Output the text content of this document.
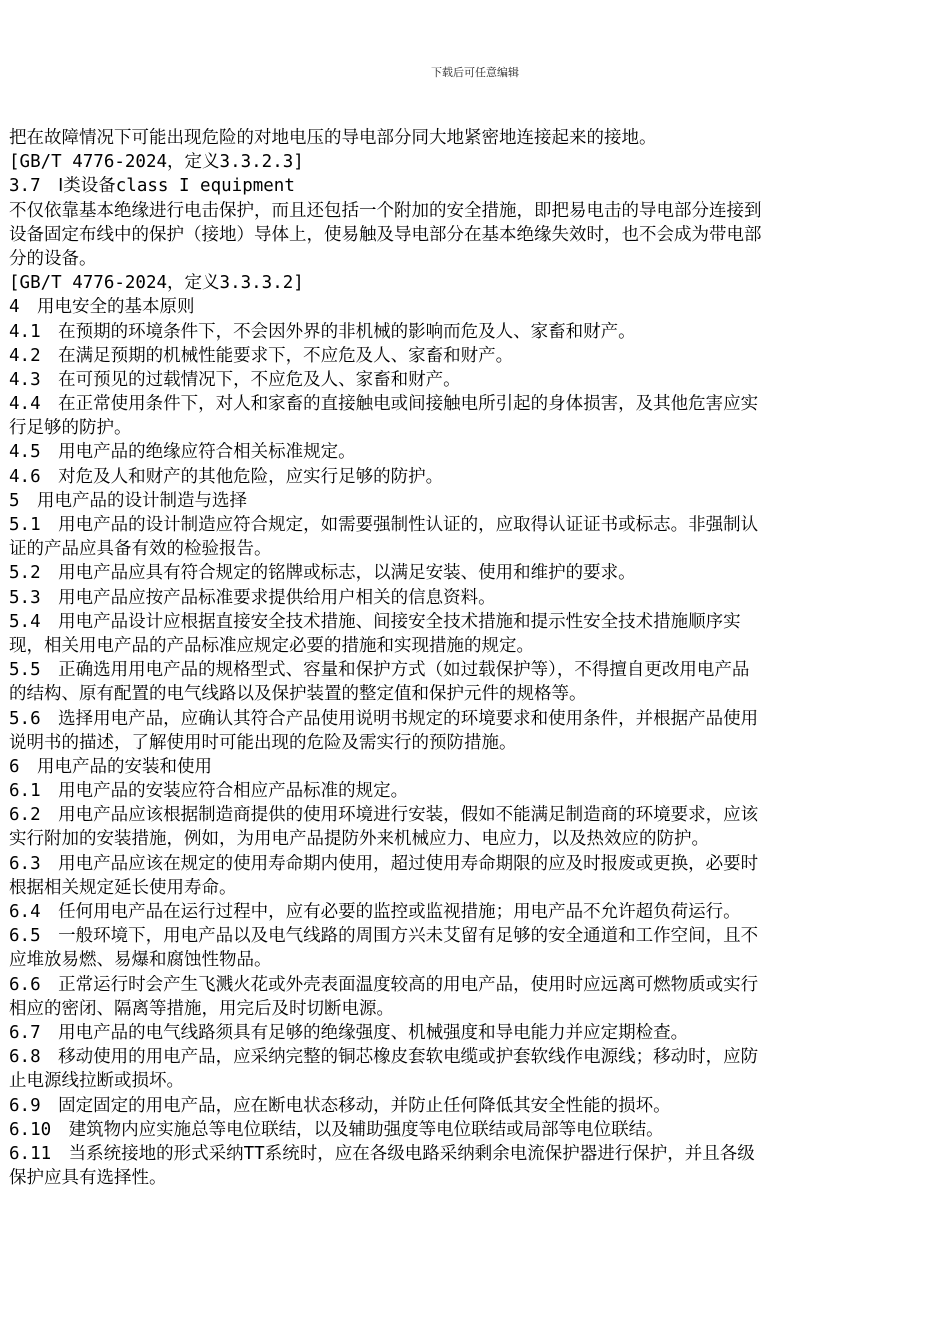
下载后可任意编辑
把在故障情况下可能出现危险的对地电压的导电部分同大地紧密地连接起来的接地。
[GB/T 4776-2024，定义3.3.2.3]
3.7　Ⅰ类设备class I equipment
不仅依靠基本绝缘进行电击保护，而且还包括一个附加的安全措施，即把易电击的导电部分连接到
设备固定布线中的保护（接地）导体上，使易触及导电部分在基本绝缘失效时，也不会成为带电部
分的设备。
[GB/T 4776-2024，定义3.3.3.2]
4　用电安全的基本原则
4.1　在预期的环境条件下，不会因外界的非机械的影响而危及人、家畜和财产。
4.2　在满足预期的机械性能要求下，不应危及人、家畜和财产。
4.3　在可预见的过载情况下，不应危及人、家畜和财产。
4.4　在正常使用条件下，对人和家畜的直接触电或间接触电所引起的身体损害，及其他危害应实
行足够的防护。
4.5　用电产品的绝缘应符合相关标准规定。
4.6　对危及人和财产的其他危险，应实行足够的防护。
5　用电产品的设计制造与选择
5.1　用电产品的设计制造应符合规定，如需要强制性认证的，应取得认证证书或标志。非强制认
证的产品应具备有效的检验报告。
5.2　用电产品应具有符合规定的铭牌或标志，以满足安装、使用和维护的要求。
5.3　用电产品应按产品标准要求提供给用户相关的信息资料。
5.4　用电产品设计应根据直接安全技术措施、间接安全技术措施和提示性安全技术措施顺序实
现，相关用电产品的产品标准应规定必要的措施和实现措施的规定。
5.5　正确选用用电产品的规格型式、容量和保护方式（如过载保护等），不得擅自更改用电产品
的结构、原有配置的电气线路以及保护装置的整定值和保护元件的规格等。
5.6　选择用电产品，应确认其符合产品使用说明书规定的环境要求和使用条件，并根据产品使用
说明书的描述，了解使用时可能出现的危险及需实行的预防措施。
6　用电产品的安装和使用
6.1　用电产品的安装应符合相应产品标准的规定。
6.2　用电产品应该根据制造商提供的使用环境进行安装，假如不能满足制造商的环境要求，应该
实行附加的安装措施，例如，为用电产品提防外来机械应力、电应力，以及热效应的防护。
6.3　用电产品应该在规定的使用寿命期内使用，超过使用寿命期限的应及时报废或更换，必要时
根据相关规定延长使用寿命。
6.4　任何用电产品在运行过程中，应有必要的监控或监视措施；用电产品不允许超负荷运行。
6.5　一般环境下，用电产品以及电气线路的周围方兴未艾留有足够的安全通道和工作空间，且不
应堆放易燃、易爆和腐蚀性物品。
6.6　正常运行时会产生飞溅火花或外壳表面温度较高的用电产品，使用时应远离可燃物质或实行
相应的密闭、隔离等措施，用完后及时切断电源。
6.7　用电产品的电气线路须具有足够的绝缘强度、机械强度和导电能力并应定期检查。
6.8　移动使用的用电产品，应采纳完整的铜芯橡皮套软电缆或护套软线作电源线；移动时，应防
止电源线拉断或损坏。
6.9　固定固定的用电产品，应在断电状态移动，并防止任何降低其安全性能的损坏。
6.10　建筑物内应实施总等电位联结，以及辅助强度等电位联结或局部等电位联结。
6.11　当系统接地的形式采纳TT系统时，应在各级电路采纳剩余电流保护器进行保护，并且各级
保护应具有选择性。
